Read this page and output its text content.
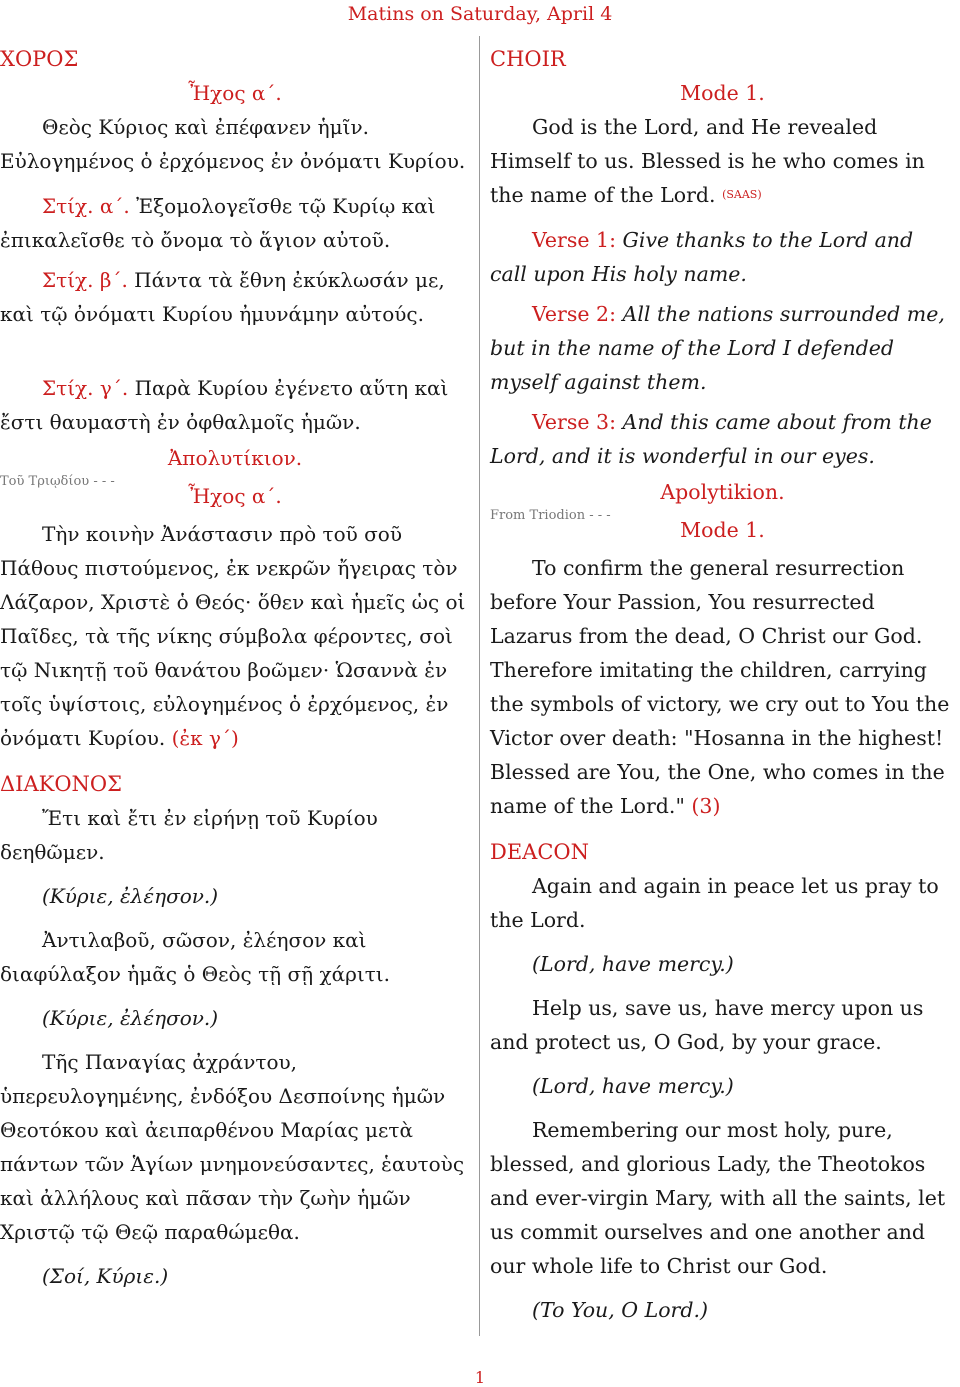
Matins on Saturday, April 4

ΧΟΡΟΣ

Ἦχος α΄.

Θεὸς Κύριος καὶ ἐπέφανεν ἡμῖν. Εὐλογημένος ὁ ἐρχόμενος ἐν ὀνόματι Κυρίου.

Στίχ. α΄. Ἐξομολογεῖσθε τῷ Κυρίῳ καὶ ἐπικαλεῖσθε τὸ ὄνομα τὸ ἅγιον αὐτοῦ.

Στίχ. β΄. Πάντα τὰ ἔθνη ἐκύκλωσάν με, καὶ τῷ ὀνόματι Κυρίου ἠμυνάμην αὐτούς.

Στίχ. γ΄. Παρὰ Κυρίου ἐγένετο αὕτη καὶ ἔστι θαυμαστὴ ἐν ὀφθαλμοῖς ἡμῶν.

Ἀπολυτίκιον.

Τοῦ Τριῳδίου - - -

Ἦχος α΄.

Τὴν κοινὴν Ἀνάστασιν πρὸ τοῦ σοῦ Πάθους πιστούμενος, ἐκ νεκρῶν ἤγειρας τὸν Λάζαρον, Χριστὲ ὁ Θεός· ὅθεν καὶ ἡμεῖς ὡς οἱ Παῖδες, τὰ τῆς νίκης σύμβολα φέροντες, σοὶ τῷ Νικητῇ τοῦ θανάτου βοῶμεν· Ὡσαννὰ ἐν τοῖς ὑψίστοις, εὐλογημένος ὁ ἐρχόμενος, ἐν ὀνόματι Κυρίου. (ἐκ γ΄)

ΔΙΑΚΟΝΟΣ

Ἔτι καὶ ἔτι ἐν εἰρήνῃ τοῦ Κυρίου δεηθῶμεν.

(Κύριε, ἐλέησον.)

Ἀντιλαβοῦ, σῶσον, ἐλέησον καὶ διαφύλαξον ἡμᾶς ὁ Θεὸς τῇ σῇ χάριτι.

(Κύριε, ἐλέησον.)

Τῆς Παναγίας ἀχράντου, ὑπερευλογημένης, ἐνδόξου Δεσποίνης ἡμῶν Θεοτόκου καὶ ἀειπαρθένου Μαρίας μετὰ πάντων τῶν Ἁγίων μνημονεύσαντες, ἑαυτοὺς καὶ ἀλλήλους καὶ πᾶσαν τὴν ζωὴν ἡμῶν Χριστῷ τῷ Θεῷ παραθώμεθα.

(Σοί, Κύριε.)

CHOIR

Mode 1.

God is the Lord, and He revealed Himself to us. Blessed is he who comes in the name of the Lord. (SAAS)

Verse 1: Give thanks to the Lord and call upon His holy name.

Verse 2: All the nations surrounded me, but in the name of the Lord I defended myself against them.

Verse 3: And this came about from the Lord, and it is wonderful in our eyes.

Apolytikion.

From Triodion - - -

Mode 1.

To confirm the general resurrection before Your Passion, You resurrected Lazarus from the dead, O Christ our God. Therefore imitating the children, carrying the symbols of victory, we cry out to You the Victor over death: "Hosanna in the highest! Blessed are You, the One, who comes in the name of the Lord." (3)

DEACON

Again and again in peace let us pray to the Lord.

(Lord, have mercy.)

Help us, save us, have mercy upon us and protect us, O God, by your grace.

(Lord, have mercy.)

Remembering our most holy, pure, blessed, and glorious Lady, the Theotokos and ever-virgin Mary, with all the saints, let us commit ourselves and one another and our whole life to Christ our God.

(To You, O Lord.)

1
